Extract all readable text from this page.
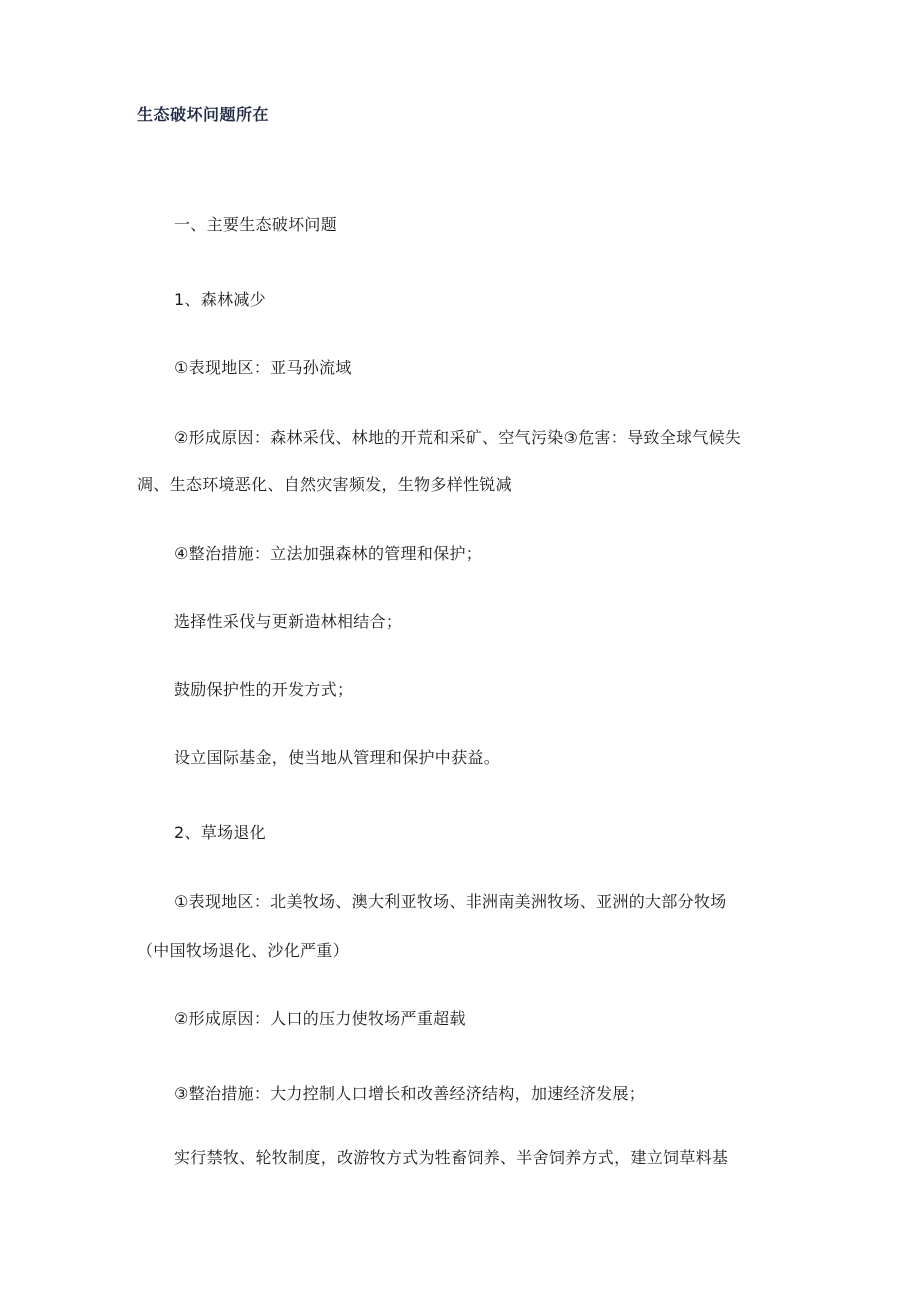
生态破坏问题所在
一、主要生态破坏问题
1、森林减少
①表现地区：亚马孙流域
②形成原因：森林采伐、林地的开荒和采矿、空气污染③危害：导致全球气候失
凋、生态环境恶化、自然灾害频发，生物多样性锐减
④整治措施：立法加强森林的管理和保护；
选择性采伐与更新造林相结合；
鼓励保护性的开发方式；
设立国际基金，使当地从管理和保护中获益。
2、草场退化
①表现地区：北美牧场、澳大利亚牧场、非洲南美洲牧场、亚洲的大部分牧场
（中国牧场退化、沙化严重）
②形成原因：人口的压力使牧场严重超载
③整治措施：大力控制人口增长和改善经济结构，加速经济发展；
实行禁牧、轮牧制度，改游牧方式为牲畜饲养、半舍饲养方式，建立饲草料基
